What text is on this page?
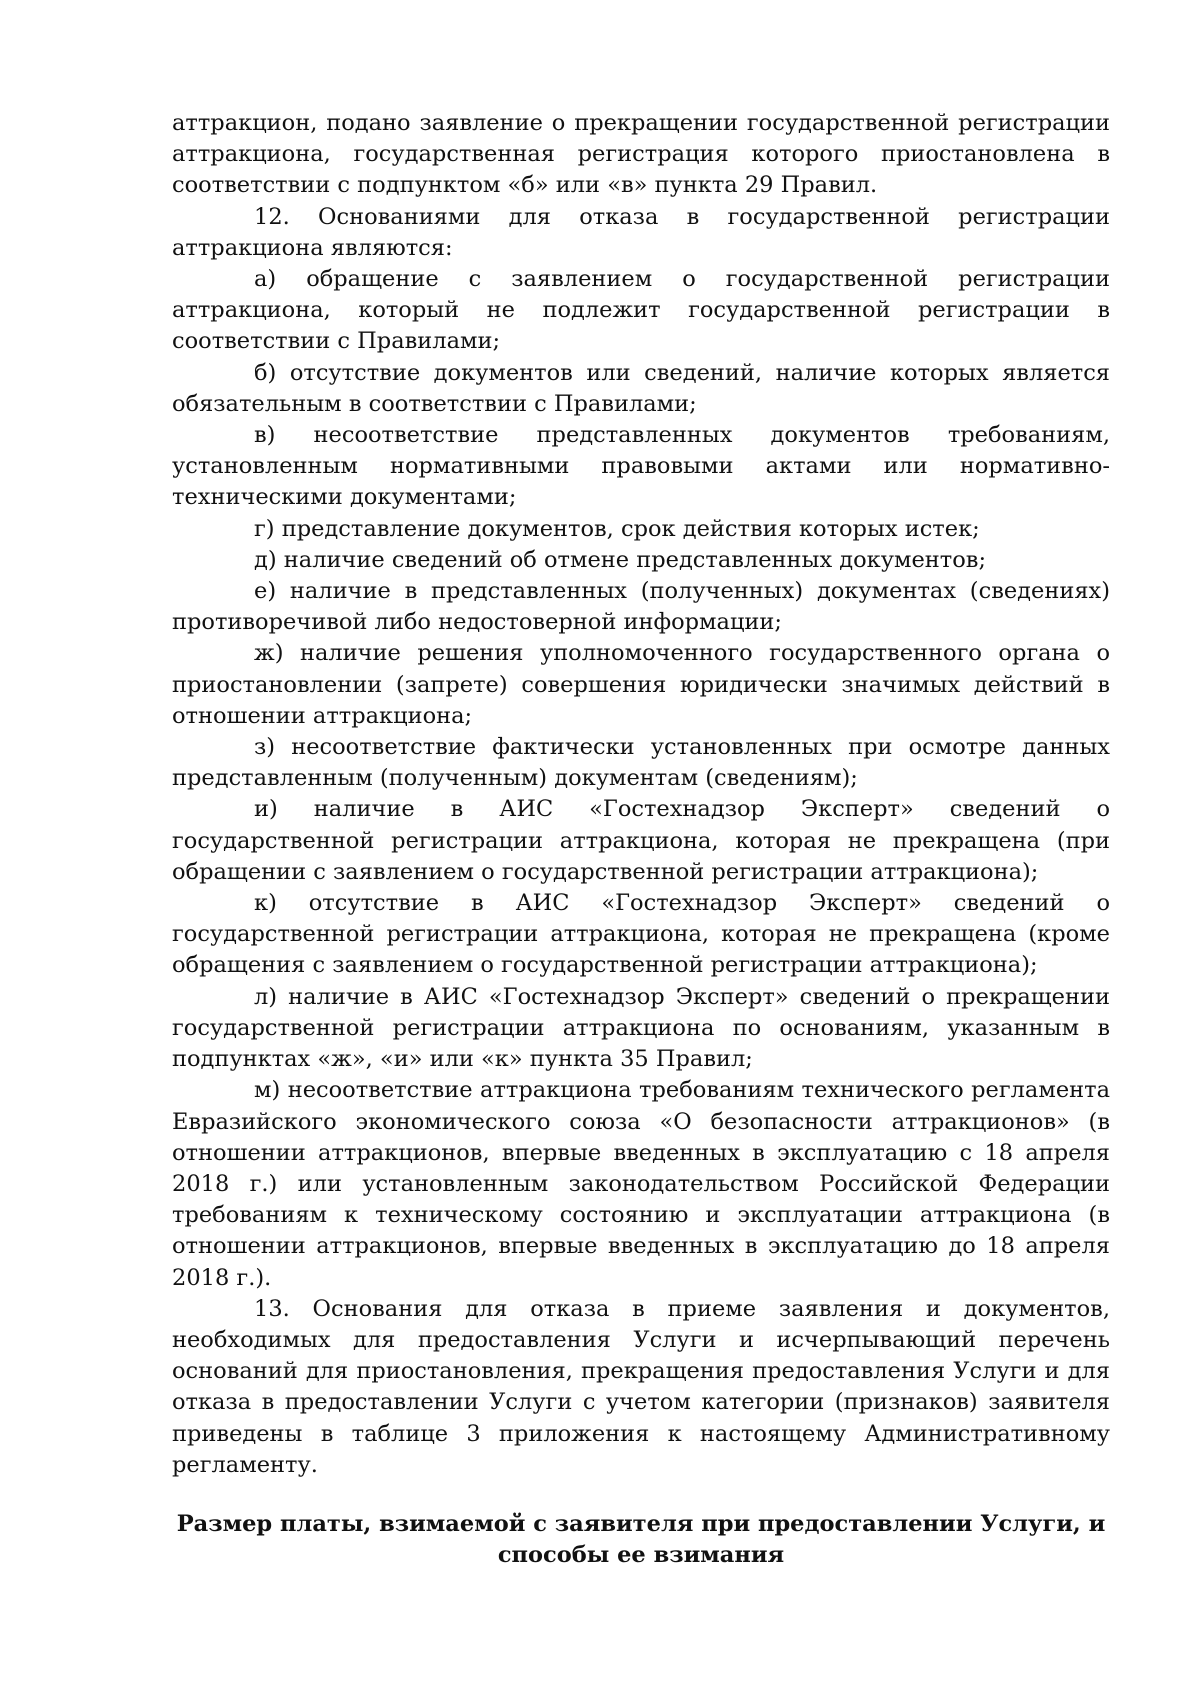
аттракцион, подано заявление о прекращении государственной регистрации аттракциона, государственная регистрация которого приостановлена в соответствии с подпунктом «б» или «в» пункта 29 Правил.

12. Основаниями для отказа в государственной регистрации аттракциона являются:

а) обращение с заявлением о государственной регистрации аттракциона, который не подлежит государственной регистрации в соответствии с Правилами;

б) отсутствие документов или сведений, наличие которых является обязательным в соответствии с Правилами;

в) несоответствие представленных документов требованиям, установленным нормативными правовыми актами или нормативно-техническими документами;

г) представление документов, срок действия которых истек;

д) наличие сведений об отмене представленных документов;

е) наличие в представленных (полученных) документах (сведениях) противоречивой либо недостоверной информации;

ж) наличие решения уполномоченного государственного органа о приостановлении (запрете) совершения юридически значимых действий в отношении аттракциона;

з) несоответствие фактически установленных при осмотре данных представленным (полученным) документам (сведениям);

и) наличие в АИС «Гостехнадзор Эксперт» сведений о государственной регистрации аттракциона, которая не прекращена (при обращении с заявлением о государственной регистрации аттракциона);

к) отсутствие в АИС «Гостехнадзор Эксперт» сведений о государственной регистрации аттракциона, которая не прекращена (кроме обращения с заявлением о государственной регистрации аттракциона);

л) наличие в АИС «Гостехнадзор Эксперт» сведений о прекращении государственной регистрации аттракциона по основаниям, указанным в подпунктах «ж», «и» или «к» пункта 35 Правил;

м) несоответствие аттракциона требованиям технического регламента Евразийского экономического союза «О безопасности аттракционов» (в отношении аттракционов, впервые введенных в эксплуатацию с 18 апреля 2018 г.) или установленным законодательством Российской Федерации требованиям к техническому состоянию и эксплуатации аттракциона (в отношении аттракционов, впервые введенных в эксплуатацию до 18 апреля 2018 г.).

13. Основания для отказа в приеме заявления и документов, необходимых для предоставления Услуги и исчерпывающий перечень оснований для приостановления, прекращения предоставления Услуги и для отказа в предоставлении Услуги с учетом категории (признаков) заявителя приведены в таблице 3 приложения к настоящему Административному регламенту.

Размер платы, взимаемой с заявителя при предоставлении Услуги, и
способы ее взимания
